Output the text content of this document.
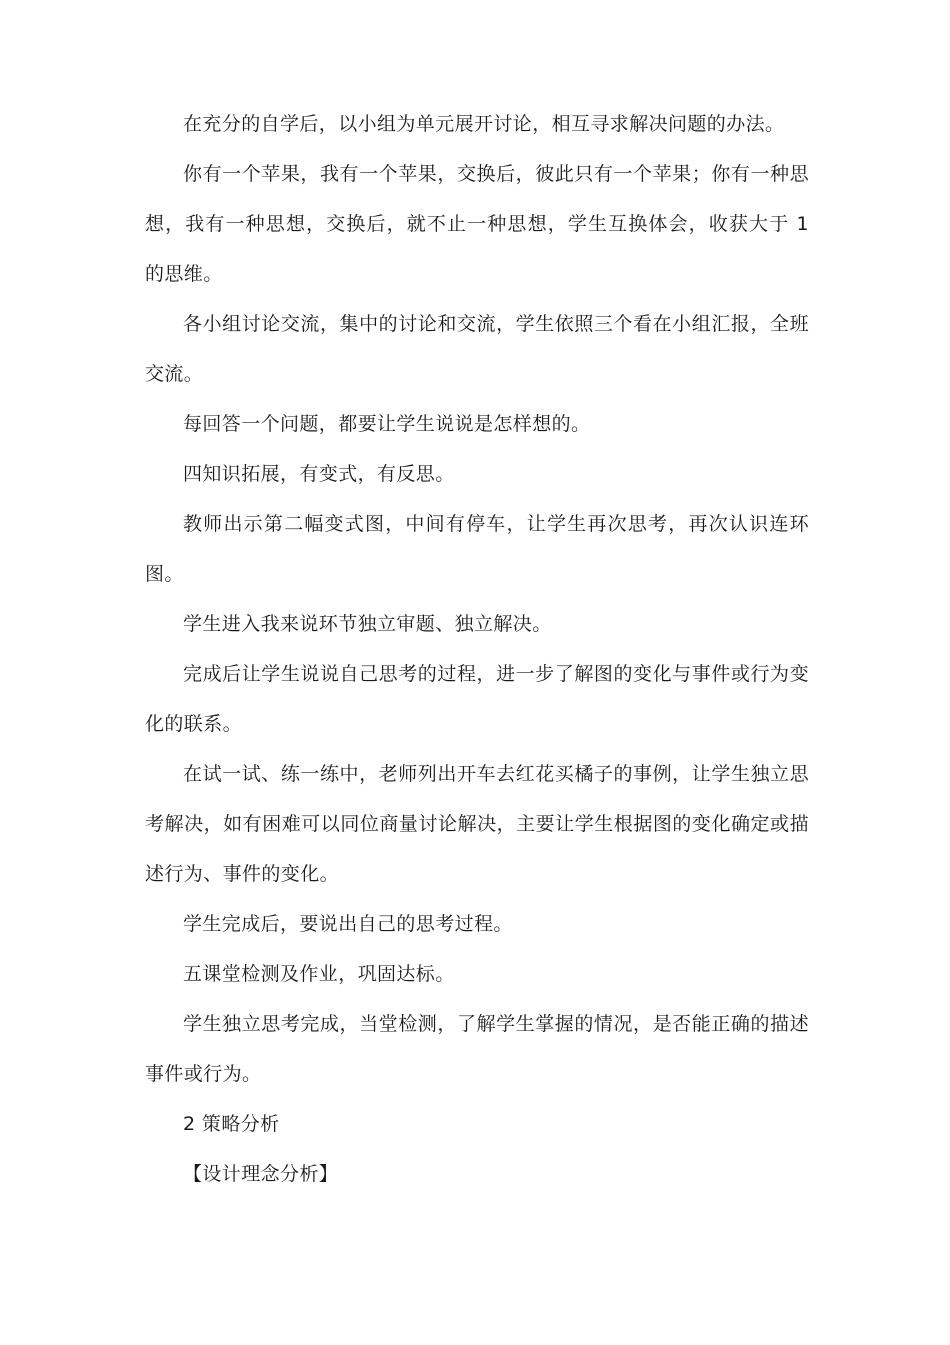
在充分的自学后，以小组为单元展开讨论，相互寻求解决问题的办法。

你有一个苹果，我有一个苹果，交换后，彼此只有一个苹果；你有一种思想，我有一种思想，交换后，就不止一种思想，学生互换体会，收获大于 1 的思维。

各小组讨论交流，集中的讨论和交流，学生依照三个看在小组汇报，全班交流。

每回答一个问题，都要让学生说说是怎样想的。

四知识拓展，有变式，有反思。

教师出示第二幅变式图，中间有停车，让学生再次思考，再次认识连环图。

学生进入我来说环节独立审题、独立解决。

完成后让学生说说自己思考的过程，进一步了解图的变化与事件或行为变化的联系。

在试一试、练一练中，老师列出开车去红花买橘子的事例，让学生独立思考解决，如有困难可以同位商量讨论解决，主要让学生根据图的变化确定或描述行为、事件的变化。

学生完成后，要说出自己的思考过程。

五课堂检测及作业，巩固达标。

学生独立思考完成，当堂检测，了解学生掌握的情况，是否能正确的描述事件或行为。

2 策略分析

【设计理念分析】
